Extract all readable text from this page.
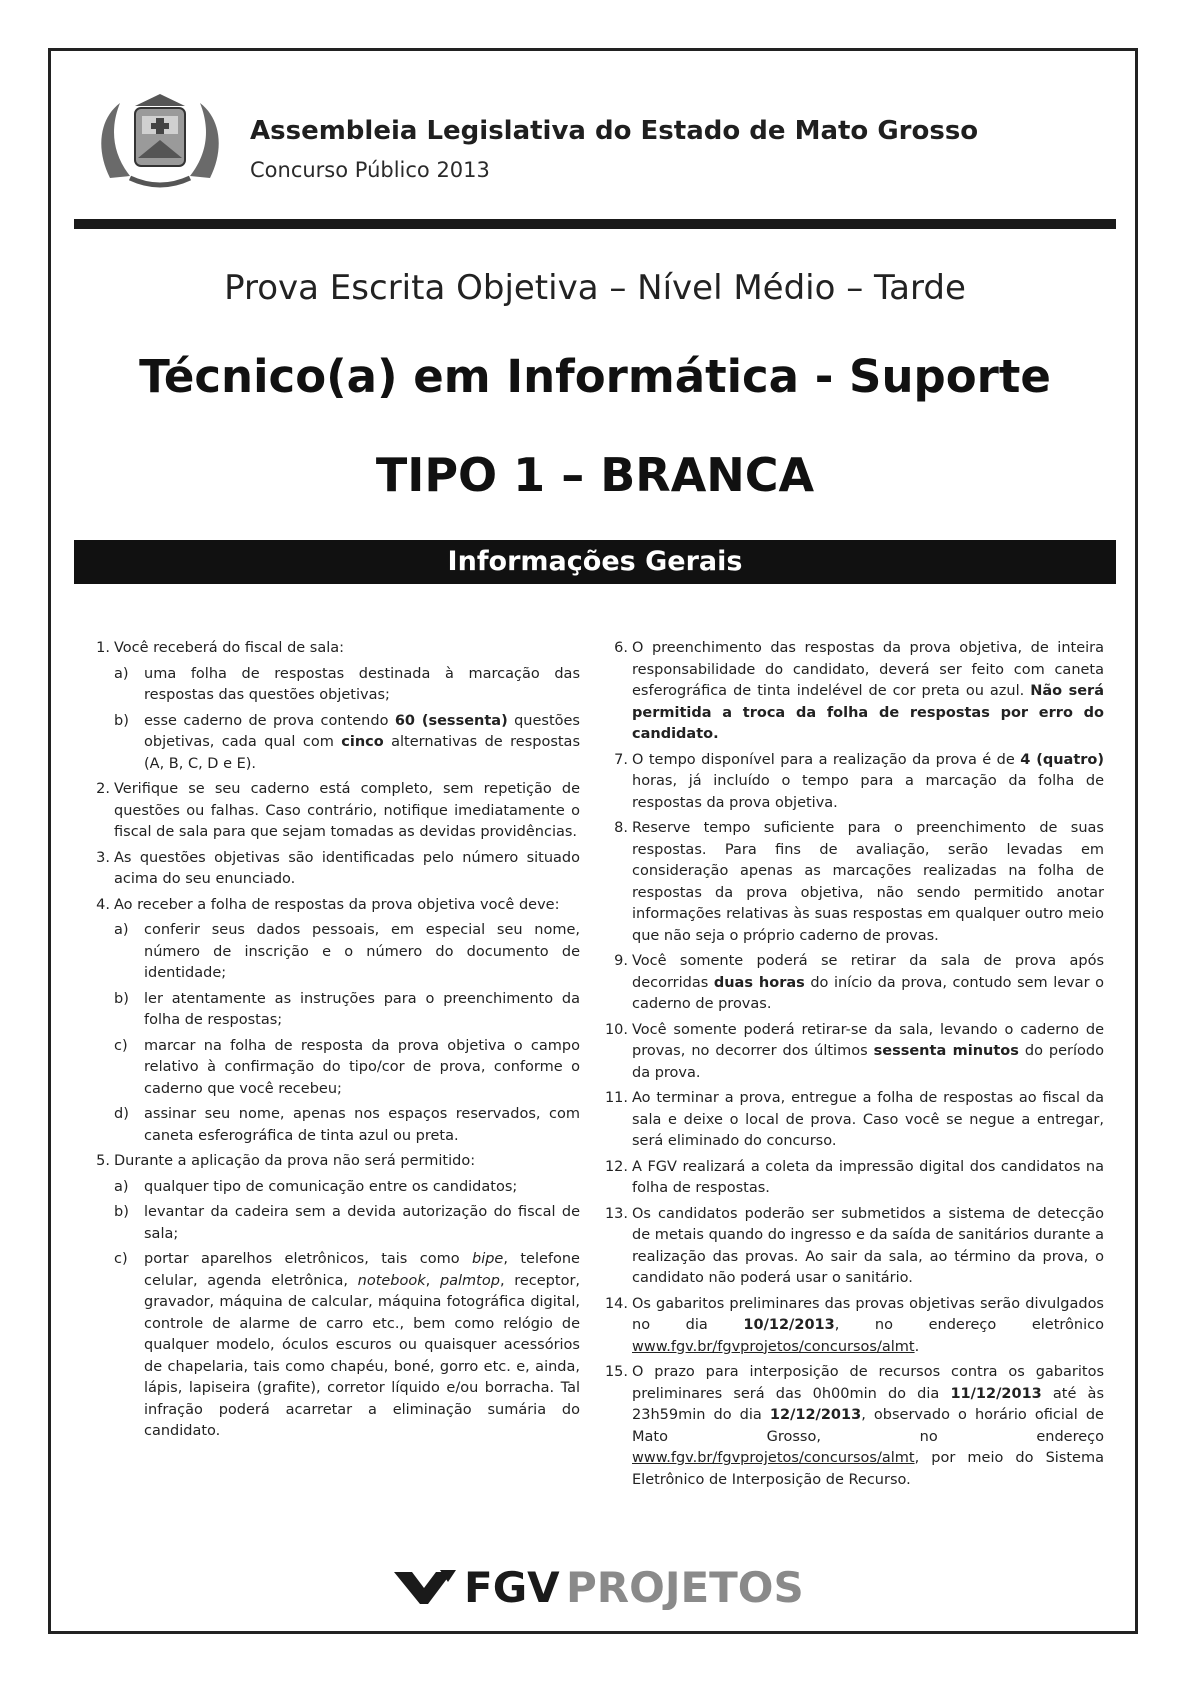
Assembleia Legislativa do Estado de Mato Grosso
Concurso Público 2013
Prova Escrita Objetiva – Nível Médio – Tarde
Técnico(a) em Informática - Suporte
TIPO 1 – BRANCA
Informações Gerais
1. Você receberá do fiscal de sala:
a) uma folha de respostas destinada à marcação das respostas das questões objetivas;
b) esse caderno de prova contendo 60 (sessenta) questões objetivas, cada qual com cinco alternativas de respostas (A, B, C, D e E).
2. Verifique se seu caderno está completo, sem repetição de questões ou falhas. Caso contrário, notifique imediatamente o fiscal de sala para que sejam tomadas as devidas providências.
3. As questões objetivas são identificadas pelo número situado acima do seu enunciado.
4. Ao receber a folha de respostas da prova objetiva você deve:
a) conferir seus dados pessoais, em especial seu nome, número de inscrição e o número do documento de identidade;
b) ler atentamente as instruções para o preenchimento da folha de respostas;
c) marcar na folha de resposta da prova objetiva o campo relativo à confirmação do tipo/cor de prova, conforme o caderno que você recebeu;
d) assinar seu nome, apenas nos espaços reservados, com caneta esferográfica de tinta azul ou preta.
5. Durante a aplicação da prova não será permitido:
a) qualquer tipo de comunicação entre os candidatos;
b) levantar da cadeira sem a devida autorização do fiscal de sala;
c) portar aparelhos eletrônicos, tais como bipe, telefone celular, agenda eletrônica, notebook, palmtop, receptor, gravador, máquina de calcular, máquina fotográfica digital, controle de alarme de carro etc., bem como relógio de qualquer modelo, óculos escuros ou quaisquer acessórios de chapelaria, tais como chapéu, boné, gorro etc. e, ainda, lápis, lapiseira (grafite), corretor líquido e/ou borracha. Tal infração poderá acarretar a eliminação sumária do candidato.
6. O preenchimento das respostas da prova objetiva, de inteira responsabilidade do candidato, deverá ser feito com caneta esferográfica de tinta indelével de cor preta ou azul. Não será permitida a troca da folha de respostas por erro do candidato.
7. O tempo disponível para a realização da prova é de 4 (quatro) horas, já incluído o tempo para a marcação da folha de respostas da prova objetiva.
8. Reserve tempo suficiente para o preenchimento de suas respostas. Para fins de avaliação, serão levadas em consideração apenas as marcações realizadas na folha de respostas da prova objetiva, não sendo permitido anotar informações relativas às suas respostas em qualquer outro meio que não seja o próprio caderno de provas.
9. Você somente poderá se retirar da sala de prova após decorridas duas horas do início da prova, contudo sem levar o caderno de provas.
10. Você somente poderá retirar-se da sala, levando o caderno de provas, no decorrer dos últimos sessenta minutos do período da prova.
11. Ao terminar a prova, entregue a folha de respostas ao fiscal da sala e deixe o local de prova. Caso você se negue a entregar, será eliminado do concurso.
12. A FGV realizará a coleta da impressão digital dos candidatos na folha de respostas.
13. Os candidatos poderão ser submetidos a sistema de detecção de metais quando do ingresso e da saída de sanitários durante a realização das provas. Ao sair da sala, ao término da prova, o candidato não poderá usar o sanitário.
14. Os gabaritos preliminares das provas objetivas serão divulgados no dia 10/12/2013, no endereço eletrônico www.fgv.br/fgvprojetos/concursos/almt.
15. O prazo para interposição de recursos contra os gabaritos preliminares será das 0h00min do dia 11/12/2013 até às 23h59min do dia 12/12/2013, observado o horário oficial de Mato Grosso, no endereço www.fgv.br/fgvprojetos/concursos/almt, por meio do Sistema Eletrônico de Interposição de Recurso.
FGV PROJETOS
